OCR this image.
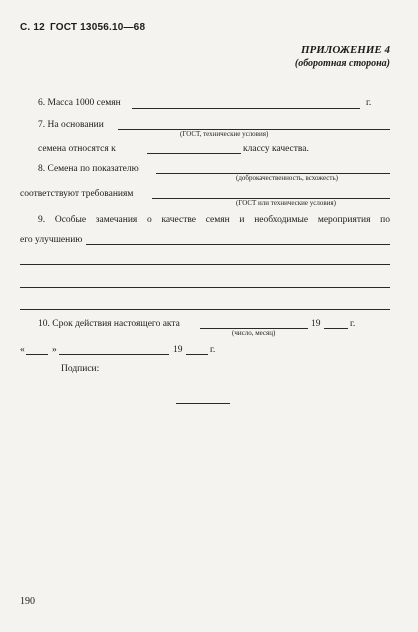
С. 12 ГОСТ 13056.10—68
ПРИЛОЖЕНИЕ 4
(оборотная сторона)
6. Масса 1000 семян	г.
7. На основании
(ГОСТ, технические условия)
семена относятся к	классу качества.
8. Семена по показателю
(доброкачественность, всхожесть)
соответствуют требованиям
(ГОСТ или технические условия)
9. Особые замечания о качестве семян и необходимые мероприятия по
его улучшению
10. Срок действия настоящего акта	19	г.
(число, месяц)
«	»	19	г.
Подписи:
190
